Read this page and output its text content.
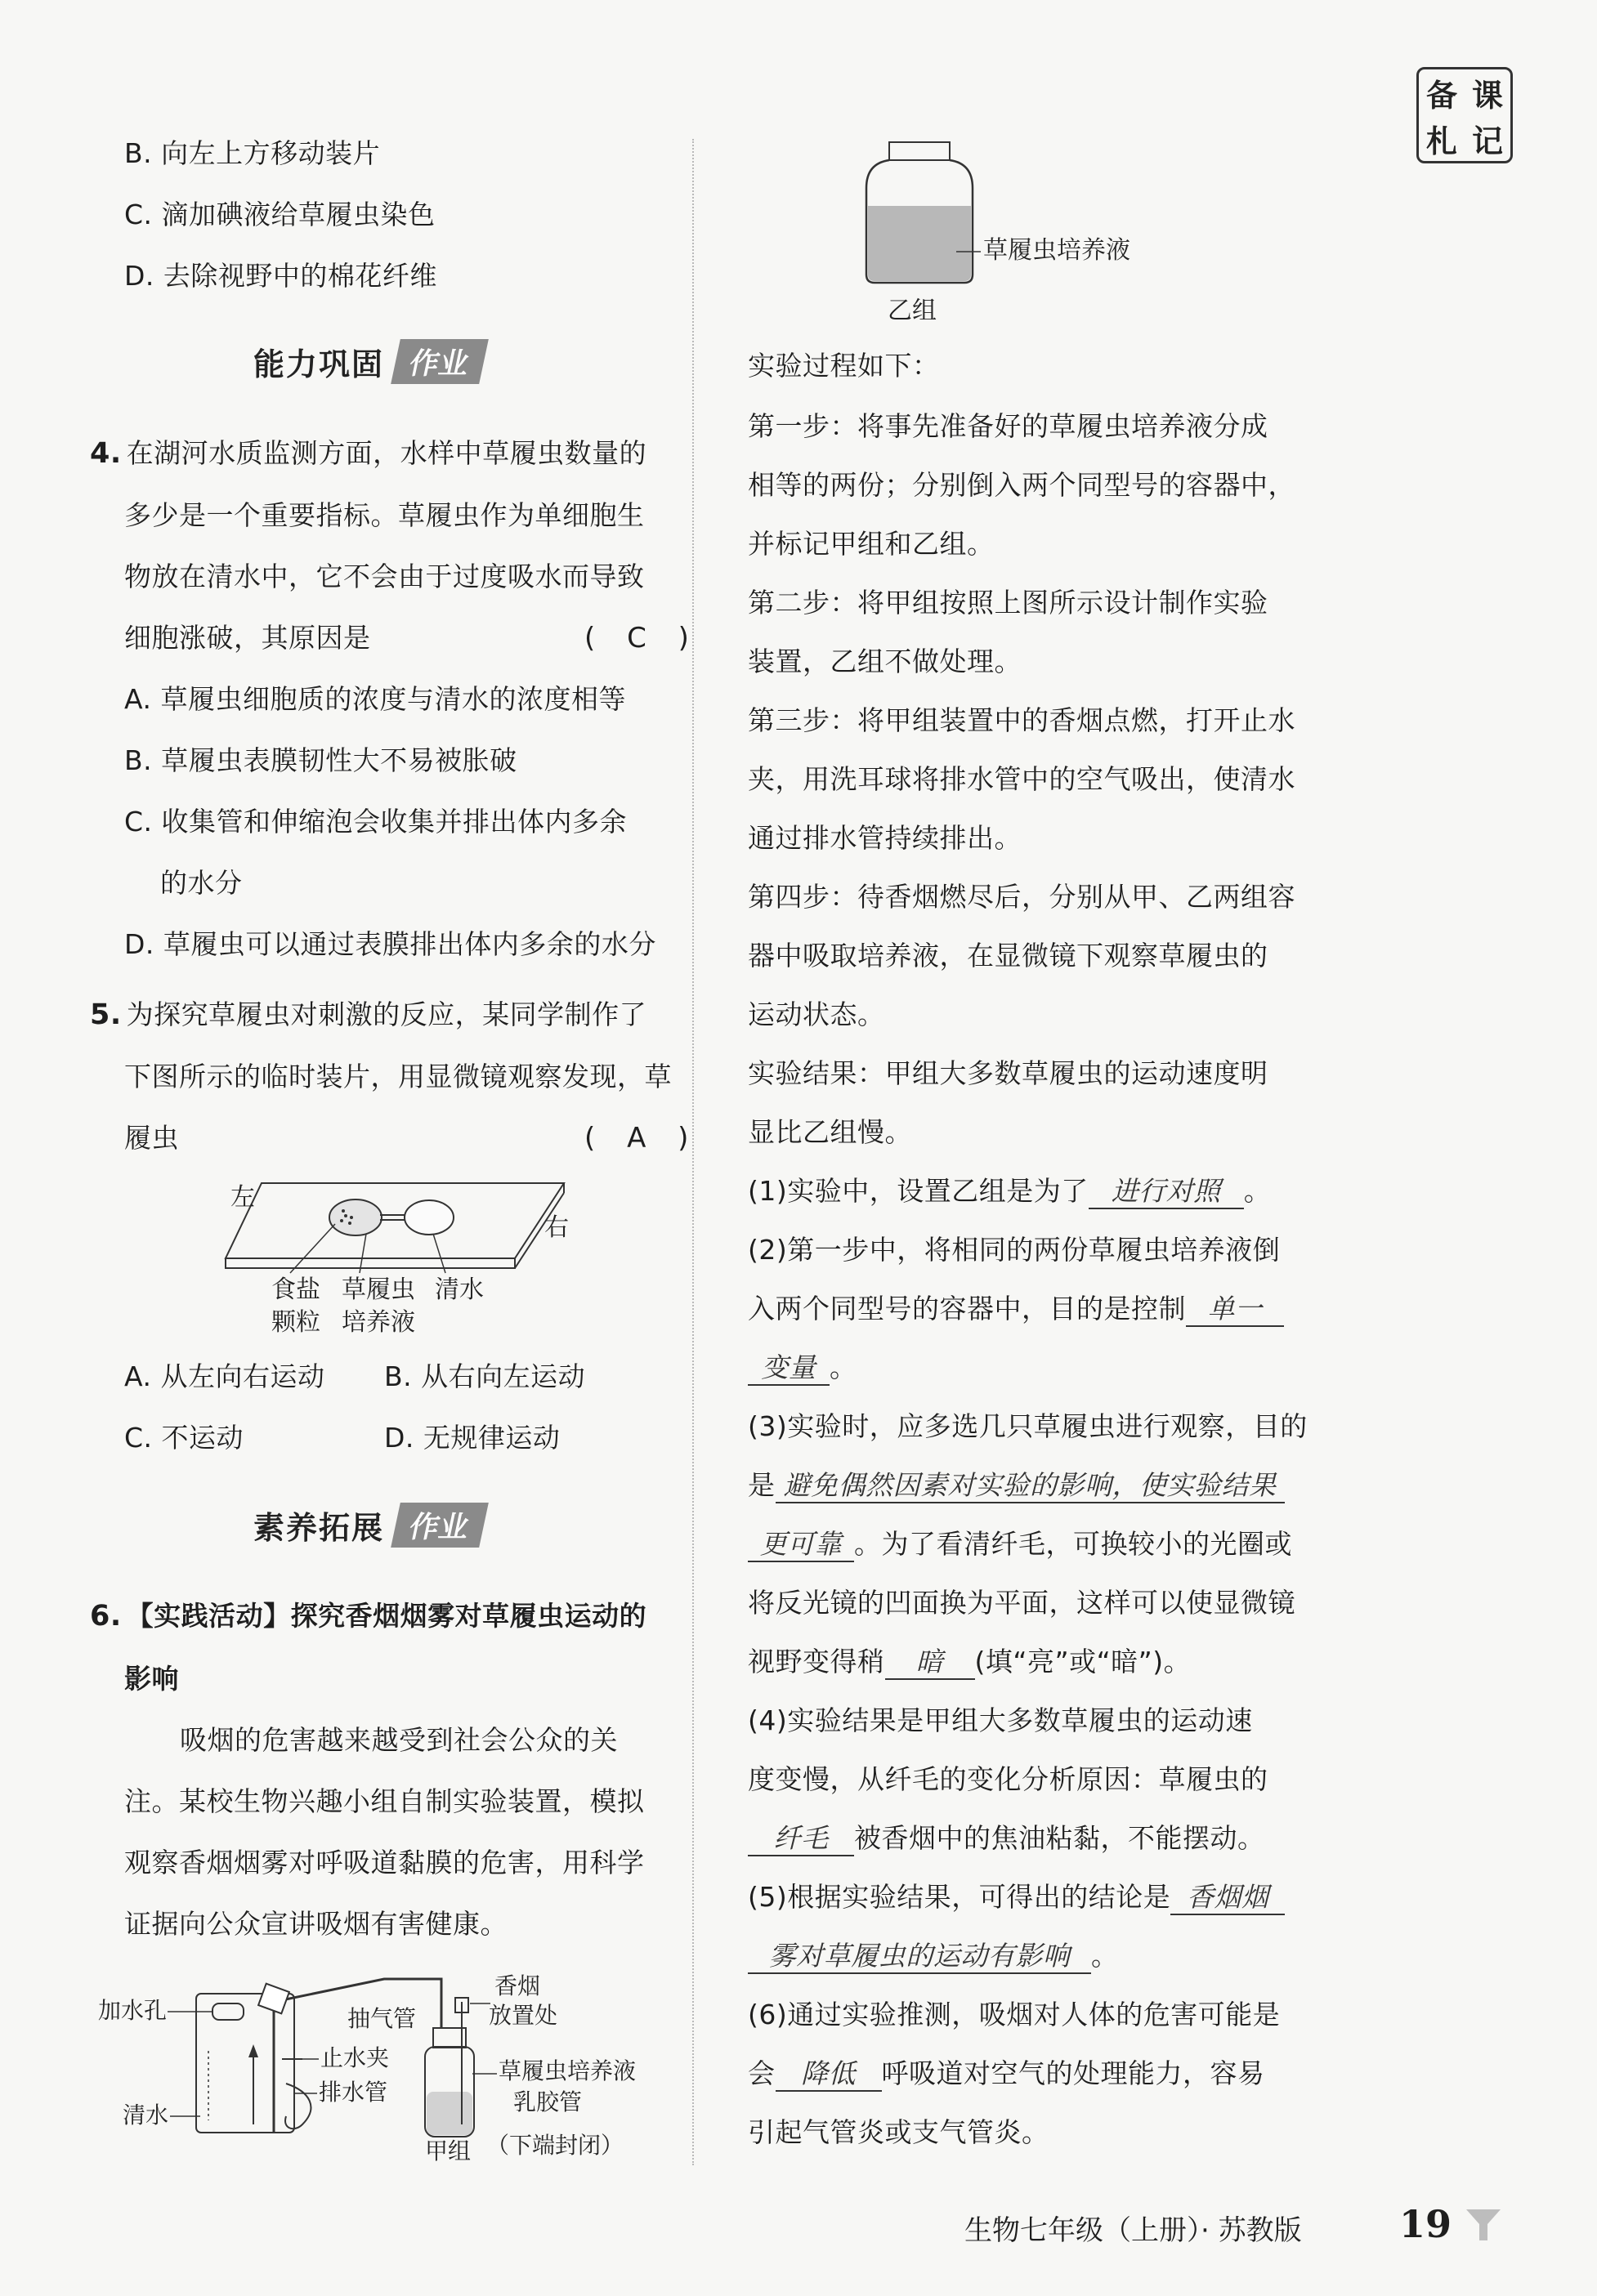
备 课
札 记
B. 向左上方移动装片
C. 滴加碘液给草履虫染色
D. 去除视野中的棉花纤维
能力巩固 作业
4. 在湖河水质监测方面，水样中草履虫数量的
多少是一个重要指标。草履虫作为单细胞生
物放在清水中，它不会由于过度吸水而导致
细胞涨破，其原因是	( C )
A. 草履虫细胞质的浓度与清水的浓度相等
B. 草履虫表膜韧性大不易被胀破
C. 收集管和伸缩泡会收集并排出体内多余
的水分
D. 草履虫可以通过表膜排出体内多余的水分
5. 为探究草履虫对刺激的反应，某同学制作了
下图所示的临时装片，用显微镜观察发现，草
履虫	( A )
左
右
食盐
颗粒
草履虫
培养液
清水
A. 从左向右运动 B. 从右向左运动
C. 不运动	D. 无规律运动
素养拓展 作业
6. 【实践活动】探究香烟烟雾对草履虫运动的
影响
吸烟的危害越来越受到社会公众的关
注。某校生物兴趣小组自制实验装置，模拟
观察香烟烟雾对呼吸道黏膜的危害，用科学
证据向公众宣讲吸烟有害健康。
加水孔
清水
抽气管
止水夹
排水管
香烟
放置处
草履虫培养液
乳胶管
甲组 （下端封闭）
草履虫培养液
乙组
实验过程如下：
第一步：将事先准备好的草履虫培养液分成
相等的两份；分别倒入两个同型号的容器中，
并标记甲组和乙组。
第二步：将甲组按照上图所示设计制作实验
装置，乙组不做处理。
第三步：将甲组装置中的香烟点燃，打开止水
夹，用洗耳球将排水管中的空气吸出，使清水
通过排水管持续排出。
第四步：待香烟燃尽后，分别从甲、乙两组容
器中吸取培养液，在显微镜下观察草履虫的
运动状态。
实验结果：甲组大多数草履虫的运动速度明
显比乙组慢。
(1)实验中，设置乙组是为了 进行对照 。
(2)第一步中，将相同的两份草履虫培养液倒
入两个同型号的容器中，目的是控制 单一
变量 。
(3)实验时，应多选几只草履虫进行观察，目的
是 避免偶然因素对实验的影响，使实验结果
更可靠 。为了看清纤毛，可换较小的光圈或
将反光镜的凹面换为平面，这样可以使显微镜
视野变得稍 暗 (填“亮”或“暗”)。
(4)实验结果是甲组大多数草履虫的运动速
度变慢，从纤毛的变化分析原因：草履虫的
纤毛 被香烟中的焦油粘黏，不能摆动。
(5)根据实验结果，可得出的结论是 香烟烟
雾对草履虫的运动有影响 。
(6)通过实验推测，吸烟对人体的危害可能是
会 降低 呼吸道对空气的处理能力，容易
引起气管炎或支气管炎。
生物七年级（上册）· 苏教版	19
